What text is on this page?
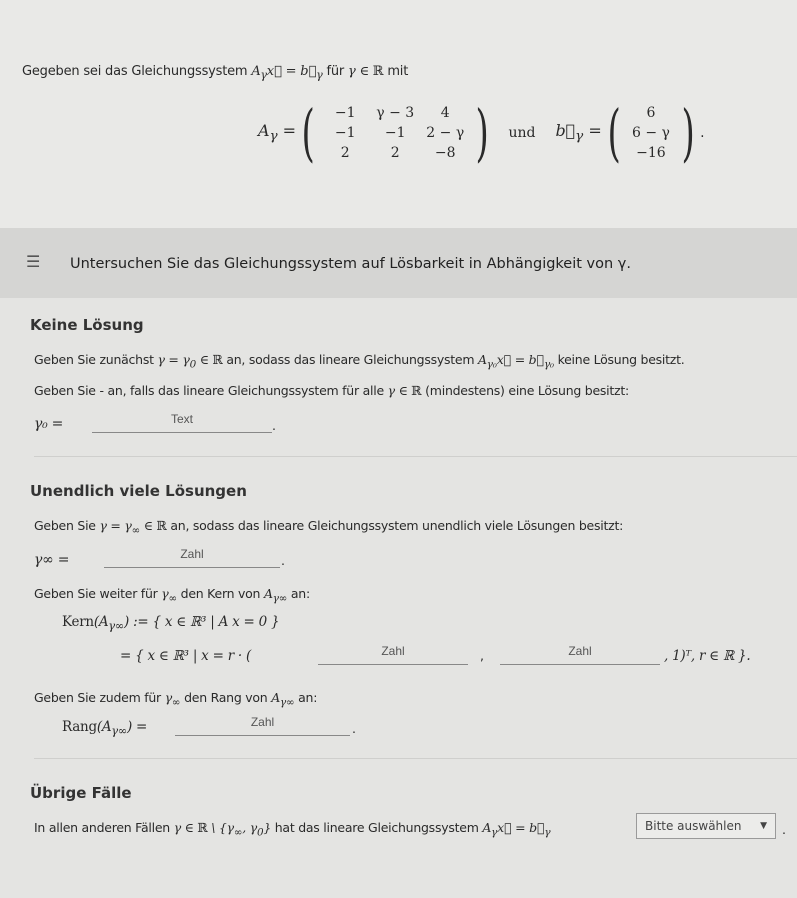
Gegeben sei das Gleichungssystem $A_\gamma x⃗$ = $b⃗_\gamma$ für γ ∈ ℝ mit
$A_\gamma$ = (	−1	γ − 3	4
−1	−1	2 − γ
2	2	−8 ) und $b_\gamma$ = (	6
6 − γ
−16 ) .
☰ Untersuchen Sie das Gleichungssystem auf Lösbarkeit in Abhängigkeit von γ.
Keine Lösung
Geben Sie zunächst $\gamma = \gamma_0$ ∈ ℝ an, sodass das lineare Gleichungssystem $A_{\gamma_0}x⃗$ = $b⃗_{\gamma_0}$ keine Lösung besitzt.
Geben Sie - an, falls das lineare Gleichungssystem für alle γ ∈ ℝ (mindestens) eine Lösung besitzt:
γ₀ =	Text	.
Unendlich viele Lösungen
Geben Sie $\gamma = \gamma_\infty$ ∈ ℝ an, sodass das lineare Gleichungssystem unendlich viele Lösungen besitzt:
γ∞ =	Zahl	.
Geben Sie weiter für $\gamma_\infty$ den Kern von $A_{\gamma\infty}$ an:
$Kern(A_{\gamma\infty})$ := { x ∈ ℝ³ | A x = 0 }
= { x ∈ ℝ³ | x = r · (	Zahl	,	Zahl	, 1)ᵀ, r ∈ ℝ }.
Geben Sie zudem für $\gamma_\infty$ den Rang von $A_{\gamma\infty}$ an:
$Rang(A_{\gamma\infty})$ =	Zahl	.
Übrige Fälle
In allen anderen Fällen γ ∈ ℝ \ {$\gamma_\infty$, $\gamma_0$} hat das lineare Gleichungssystem $A_\gamma x⃗$ = $b⃗_\gamma$	Bitte auswählen ▼ .
